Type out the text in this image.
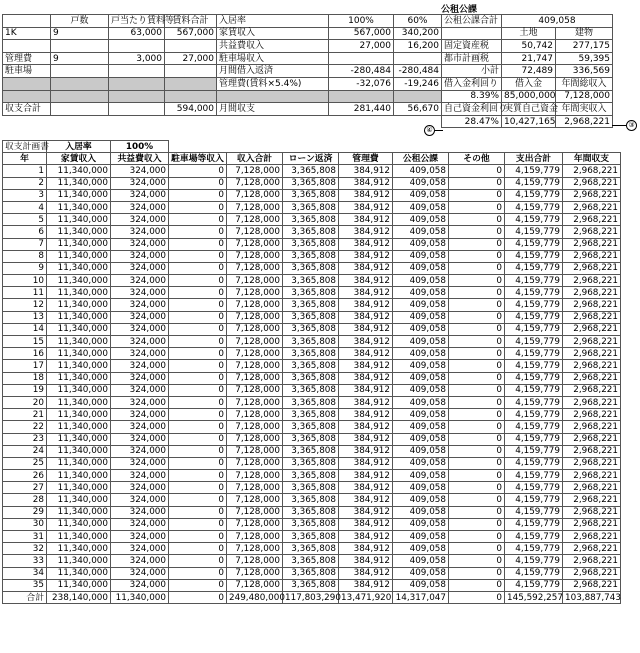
公租公課
	戸数	戸当たり賃料等	賃料合計	入居率	100%	60%	公租公課合計	409,058	
1K	9	63,000	567,000	家賃収入	567,000	340,200		土地	建物
				共益費収入	27,000	16,200	固定資産税	50,742	277,175
管理費	9	3,000	27,000	駐車場収入			都市計画税	21,747	59,395
駐車場				月間借入返済	-280,484	-280,484	小計	72,489	336,569
				管理費(賃料×5.4%)	-32,076	-19,246	借入金利回り	借入金	年間総収入
							8.39%	85,000,000	7,128,000
収支合計			594,000	月間収支	281,440	56,670	自己資金利回り	実質自己資金	年間実収入
							28.47%	10,427,165	2,968,221
④
③
収支計画書	入居率	100%								
年	家賃収入	共益費収入	駐車場等収入	収入合計	ローン返済	管理費	公租公課	その他	支出合計	年間収支
1	11,340,000	324,000	0	7,128,000	3,365,808	384,912	409,058	0	4,159,779	2,968,221
2	11,340,000	324,000	0	7,128,000	3,365,808	384,912	409,058	0	4,159,779	2,968,221
3	11,340,000	324,000	0	7,128,000	3,365,808	384,912	409,058	0	4,159,779	2,968,221
4	11,340,000	324,000	0	7,128,000	3,365,808	384,912	409,058	0	4,159,779	2,968,221
5	11,340,000	324,000	0	7,128,000	3,365,808	384,912	409,058	0	4,159,779	2,968,221
6	11,340,000	324,000	0	7,128,000	3,365,808	384,912	409,058	0	4,159,779	2,968,221
7	11,340,000	324,000	0	7,128,000	3,365,808	384,912	409,058	0	4,159,779	2,968,221
8	11,340,000	324,000	0	7,128,000	3,365,808	384,912	409,058	0	4,159,779	2,968,221
9	11,340,000	324,000	0	7,128,000	3,365,808	384,912	409,058	0	4,159,779	2,968,221
10	11,340,000	324,000	0	7,128,000	3,365,808	384,912	409,058	0	4,159,779	2,968,221
11	11,340,000	324,000	0	7,128,000	3,365,808	384,912	409,058	0	4,159,779	2,968,221
12	11,340,000	324,000	0	7,128,000	3,365,808	384,912	409,058	0	4,159,779	2,968,221
13	11,340,000	324,000	0	7,128,000	3,365,808	384,912	409,058	0	4,159,779	2,968,221
14	11,340,000	324,000	0	7,128,000	3,365,808	384,912	409,058	0	4,159,779	2,968,221
15	11,340,000	324,000	0	7,128,000	3,365,808	384,912	409,058	0	4,159,779	2,968,221
16	11,340,000	324,000	0	7,128,000	3,365,808	384,912	409,058	0	4,159,779	2,968,221
17	11,340,000	324,000	0	7,128,000	3,365,808	384,912	409,058	0	4,159,779	2,968,221
18	11,340,000	324,000	0	7,128,000	3,365,808	384,912	409,058	0	4,159,779	2,968,221
19	11,340,000	324,000	0	7,128,000	3,365,808	384,912	409,058	0	4,159,779	2,968,221
20	11,340,000	324,000	0	7,128,000	3,365,808	384,912	409,058	0	4,159,779	2,968,221
21	11,340,000	324,000	0	7,128,000	3,365,808	384,912	409,058	0	4,159,779	2,968,221
22	11,340,000	324,000	0	7,128,000	3,365,808	384,912	409,058	0	4,159,779	2,968,221
23	11,340,000	324,000	0	7,128,000	3,365,808	384,912	409,058	0	4,159,779	2,968,221
24	11,340,000	324,000	0	7,128,000	3,365,808	384,912	409,058	0	4,159,779	2,968,221
25	11,340,000	324,000	0	7,128,000	3,365,808	384,912	409,058	0	4,159,779	2,968,221
26	11,340,000	324,000	0	7,128,000	3,365,808	384,912	409,058	0	4,159,779	2,968,221
27	11,340,000	324,000	0	7,128,000	3,365,808	384,912	409,058	0	4,159,779	2,968,221
28	11,340,000	324,000	0	7,128,000	3,365,808	384,912	409,058	0	4,159,779	2,968,221
29	11,340,000	324,000	0	7,128,000	3,365,808	384,912	409,058	0	4,159,779	2,968,221
30	11,340,000	324,000	0	7,128,000	3,365,808	384,912	409,058	0	4,159,779	2,968,221
31	11,340,000	324,000	0	7,128,000	3,365,808	384,912	409,058	0	4,159,779	2,968,221
32	11,340,000	324,000	0	7,128,000	3,365,808	384,912	409,058	0	4,159,779	2,968,221
33	11,340,000	324,000	0	7,128,000	3,365,808	384,912	409,058	0	4,159,779	2,968,221
34	11,340,000	324,000	0	7,128,000	3,365,808	384,912	409,058	0	4,159,779	2,968,221
35	11,340,000	324,000	0	7,128,000	3,365,808	384,912	409,058	0	4,159,779	2,968,221
合計	238,140,000	11,340,000	0	249,480,000	117,803,290	13,471,920	14,317,047	0	145,592,257	103,887,743
